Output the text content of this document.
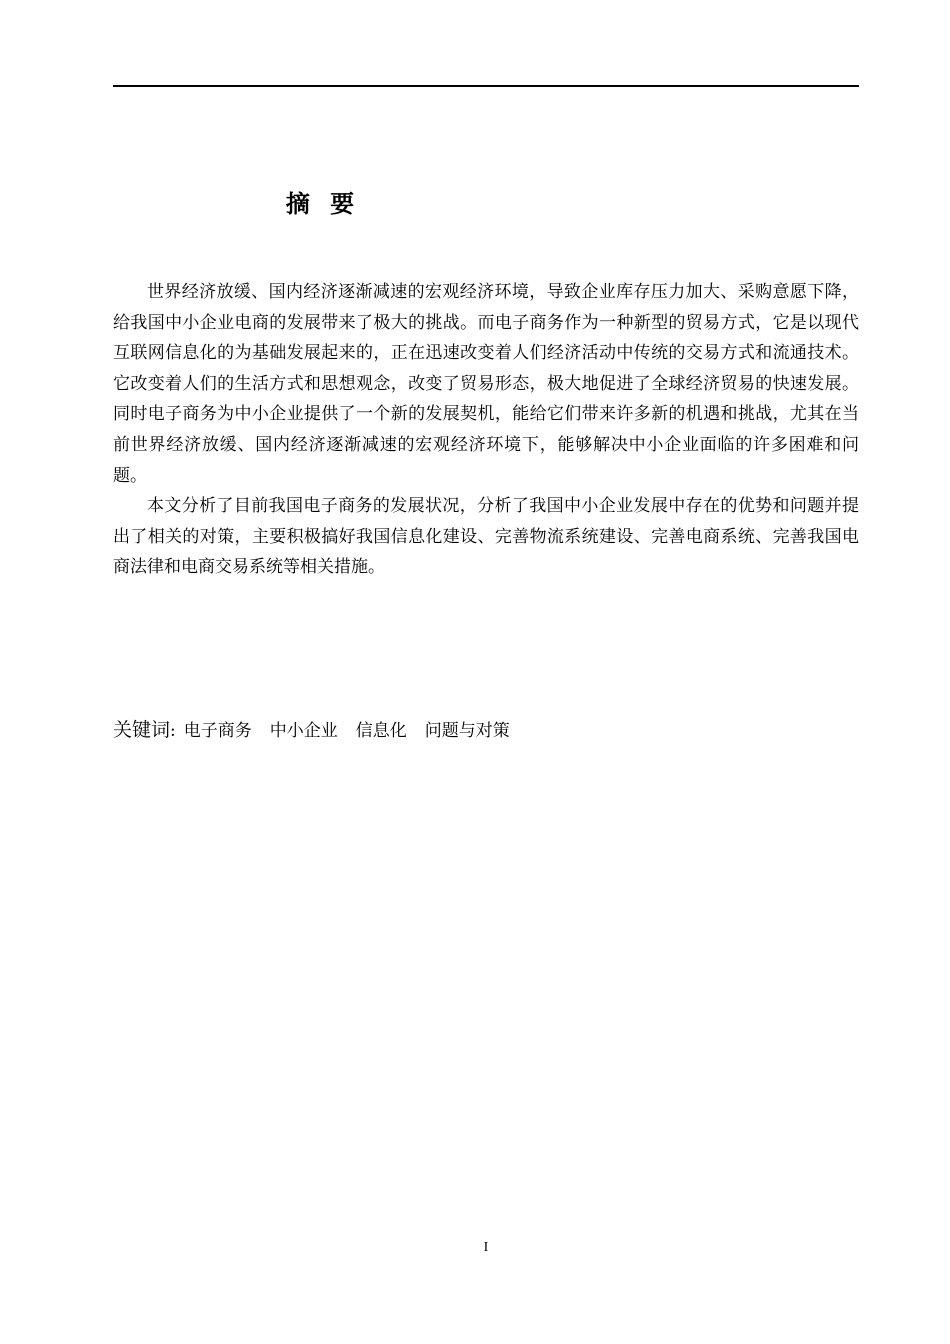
摘 要

世界经济放缓、国内经济逐渐减速的宏观经济环境，导致企业库存压力加大、采购意愿下降，给我国中小企业电商的发展带来了极大的挑战。而电子商务作为一种新型的贸易方式，它是以现代互联网信息化的为基础发展起来的，正在迅速改变着人们经济活动中传统的交易方式和流通技术。它改变着人们的生活方式和思想观念，改变了贸易形态，极大地促进了全球经济贸易的快速发展。同时电子商务为中小企业提供了一个新的发展契机，能给它们带来许多新的机遇和挑战，尤其在当前世界经济放缓、国内经济逐渐减速的宏观经济环境下，能够解决中小企业面临的许多困难和问题。

本文分析了目前我国电子商务的发展状况，分析了我国中小企业发展中存在的优势和问题并提出了相关的对策，主要积极搞好我国信息化建设、完善物流系统建设、完善电商系统、完善我国电商法律和电商交易系统等相关措施。

关键词: 电子商务 中小企业 信息化 问题与对策
I
